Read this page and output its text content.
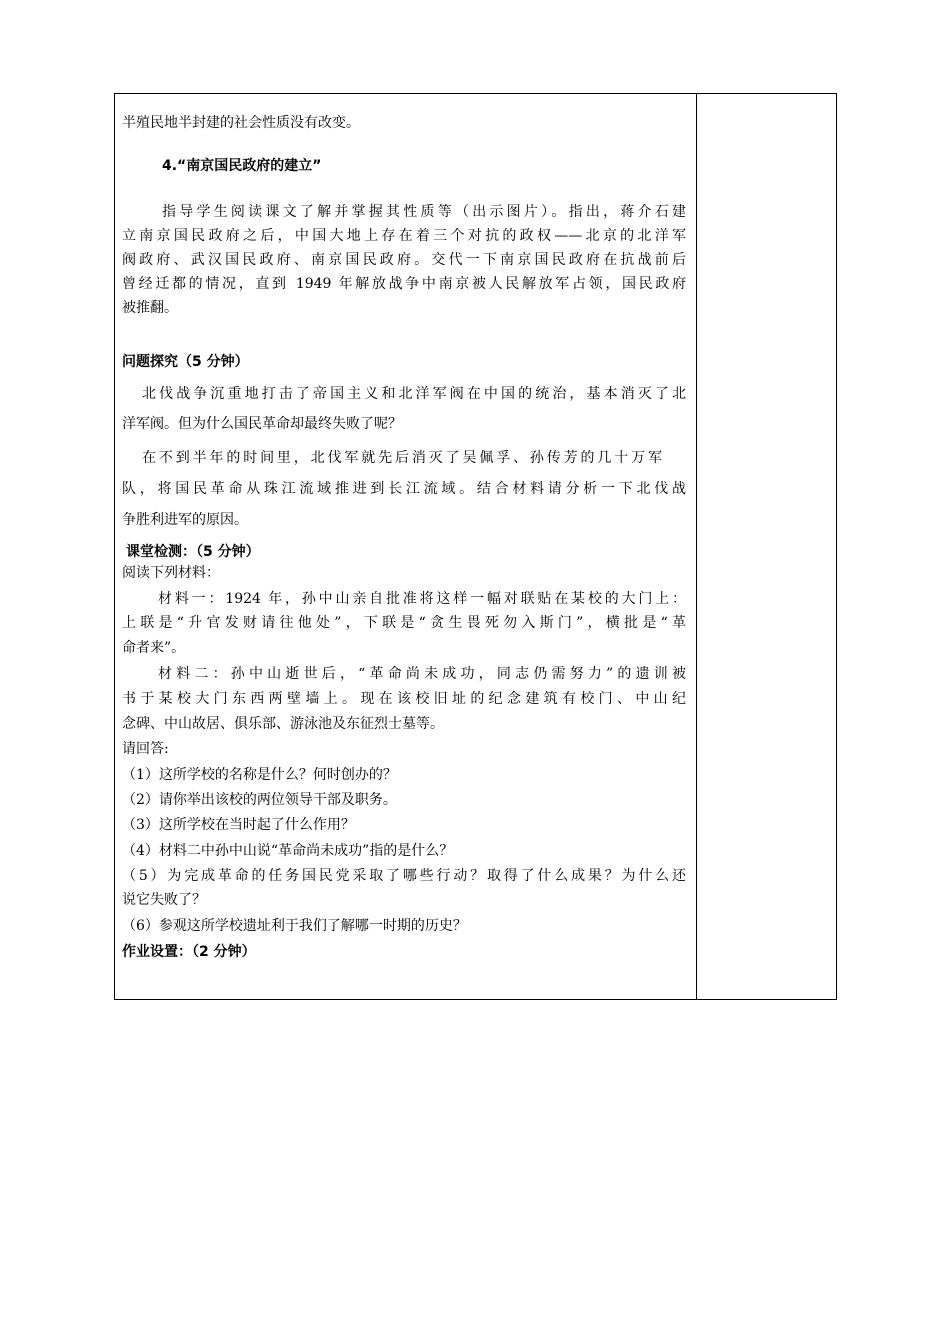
半殖民地半封建的社会性质没有改变。
4.“南京国民政府的建立”
指导学生阅读课文了解并掌握其性质等（出示图片）。指出，蒋介石建
立南京国民政府之后，中国大地上存在着三个对抗的政权——北京的北洋军
阀政府、武汉国民政府、南京国民政府。交代一下南京国民政府在抗战前后
曾经迁都的情况，直到 1949 年解放战争中南京被人民解放军占领，国民政府
被推翻。
问题探究（5 分钟）
北伐战争沉重地打击了帝国主义和北洋军阀在中国的统治，基本消灭了北
洋军阀。但为什么国民革命却最终失败了呢？
在不到半年的时间里，北伐军就先后消灭了吴佩孚、孙传芳的几十万军
队，将国民革命从珠江流域推进到长江流域。结合材料请分析一下北伐战
争胜利进军的原因。
课堂检测：（5 分钟）
阅读下列材料：
材料一：1924 年，孙中山亲自批准将这样一幅对联贴在某校的大门上：
上联是“升官发财请往他处”，下联是“贪生畏死勿入斯门”，横批是“革
命者来”。
材料二：孙中山逝世后，“革命尚未成功，同志仍需努力”的遗训被
书于某校大门东西两壁墙上。现在该校旧址的纪念建筑有校门、中山纪
念碑、中山故居、俱乐部、游泳池及东征烈士墓等。
请回答:
（1）这所学校的名称是什么？何时创办的？
（2）请你举出该校的两位领导干部及职务。
（3）这所学校在当时起了什么作用？
（4）材料二中孙中山说“革命尚未成功”指的是什么？
（5）为完成革命的任务国民党采取了哪些行动？取得了什么成果？为什么还
说它失败了？
（6）参观这所学校遗址利于我们了解哪一时期的历史？
作业设置：（2 分钟）
